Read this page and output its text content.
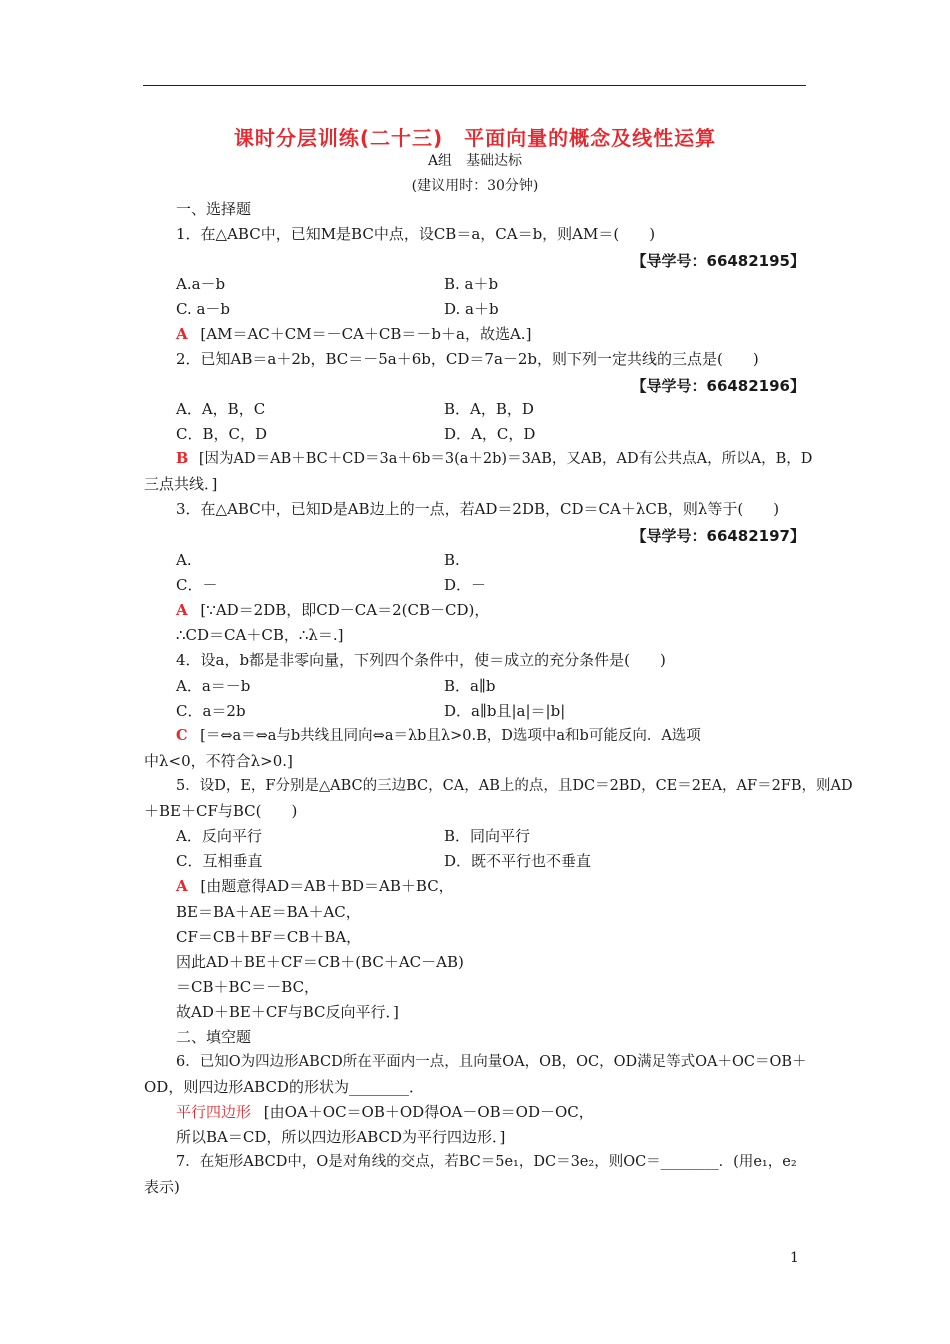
课时分层训练(二十三)　平面向量的概念及线性运算
A组　基础达标
(建议用时：30分钟)
一、选择题
1．在△ABC中，已知M是BC中点，设CB＝a，CA＝b，则AM＝(　　)
【导学号：66482195】
A.a－b	B. a＋b
C. a－b	D. a＋b
A [AM＝AC＋CM＝－CA＋CB＝－b＋a，故选A.]
2．已知AB＝a＋2b，BC＝－5a＋6b，CD＝7a－2b，则下列一定共线的三点是(　　)
【导学号：66482196】
A．A，B，C	B．A，B，D
C．B，C，D	D．A，C，D
B [因为AD＝AB＋BC＋CD＝3a＋6b＝3(a＋2b)＝3AB，又AB，AD有公共点A，所以A，B，D
三点共线．]
3．在△ABC中，已知D是AB边上的一点，若AD＝2DB，CD＝CA＋λCB，则λ等于(　　)
【导学号：66482197】
A.	B.
C．－	D．－
A [∵AD＝2DB，即CD－CA＝2(CB－CD)，
∴CD＝CA＋CB，∴λ＝.]
4．设a，b都是非零向量，下列四个条件中，使＝成立的充分条件是(　　)
A．a＝－b	B．a∥b
C．a＝2b	D．a∥b且|a|＝|b|
C [＝⇔a＝⇔a与b共线且同向⇔a＝λb且λ>0.B，D选项中a和b可能反向．A选项
中λ<0，不符合λ>0.]
5．设D，E，F分别是△ABC的三边BC，CA，AB上的点，且DC＝2BD，CE＝2EA，AF＝2FB，则AD
＋BE＋CF与BC(　　)
A．反向平行	B．同向平行
C．互相垂直	D．既不平行也不垂直
A [由题意得AD＝AB＋BD＝AB＋BC，
BE＝BA＋AE＝BA＋AC，
CF＝CB＋BF＝CB＋BA，
因此AD＋BE＋CF＝CB＋(BC＋AC－AB)
＝CB＋BC＝－BC，
故AD＋BE＋CF与BC反向平行．]
二、填空题
6．已知O为四边形ABCD所在平面内一点，且向量OA，OB，OC，OD满足等式OA＋OC＝OB＋
OD，则四边形ABCD的形状为________．
平行四边形 [由OA＋OC＝OB＋OD得OA－OB＝OD－OC，
所以BA＝CD，所以四边形ABCD为平行四边形．]
7．在矩形ABCD中，O是对角线的交点，若BC＝5e₁，DC＝3e₂，则OC＝________．(用e₁，e₂
表示)
1
